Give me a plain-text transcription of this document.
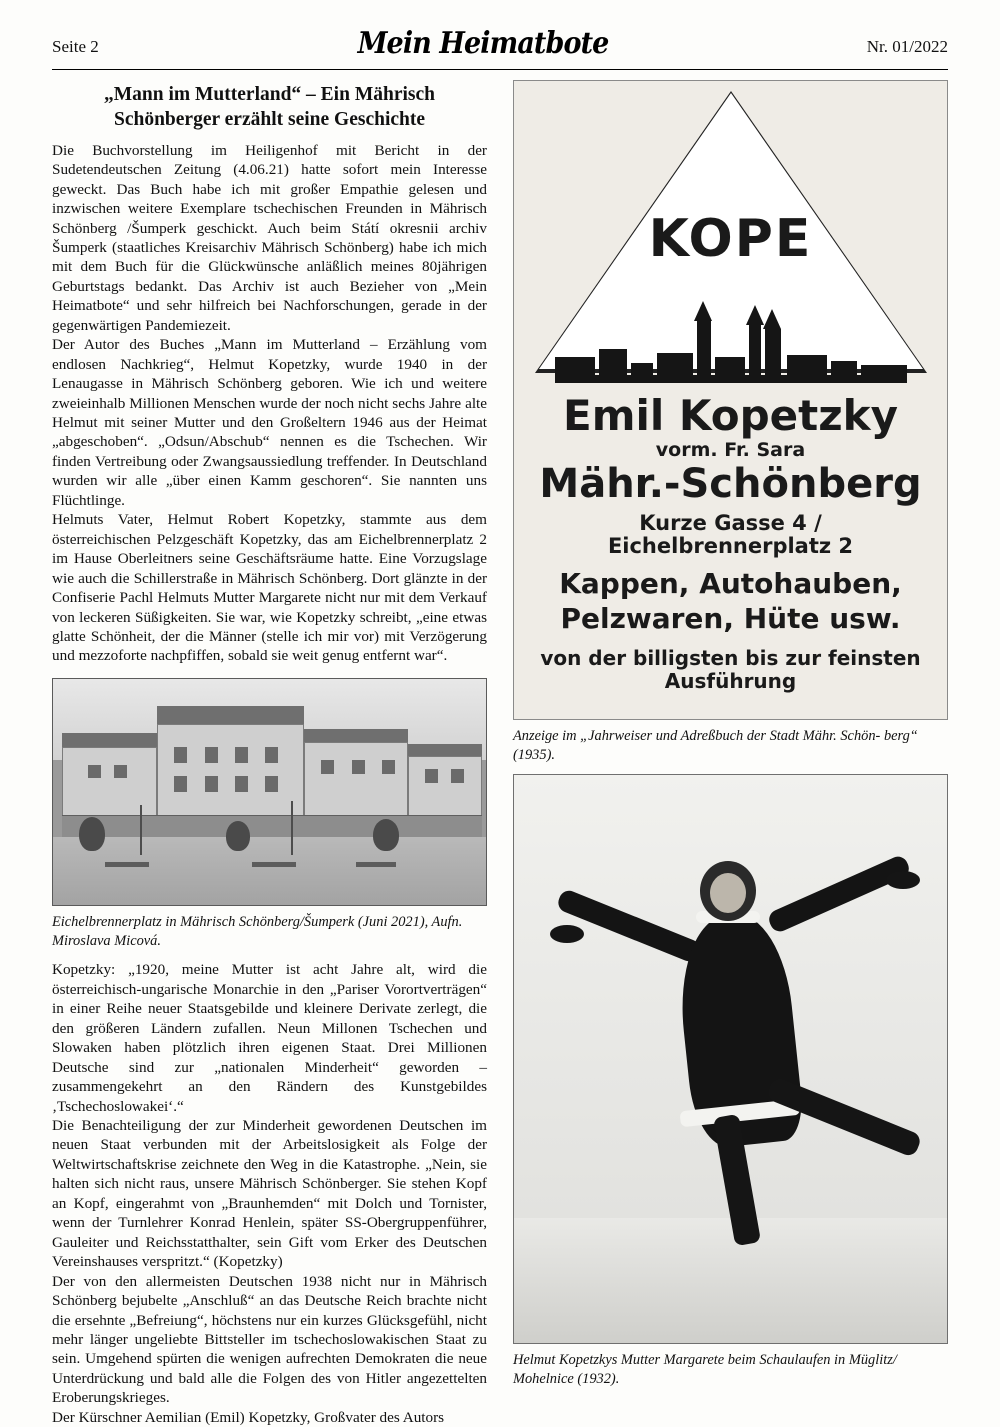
Seite 2	Mein Heimatbote	Nr. 01/2022
„Mann im Mutterland“ – Ein Mährisch
Schönberger erzählt seine Geschichte

Die Buchvorstellung im Heiligenhof mit Bericht in der Sudetendeutschen Zeitung (4.06.21) hatte sofort mein Interesse geweckt. Das Buch habe ich mit großer Empathie gelesen und inzwischen weitere Exemplare tschechischen Freunden in Mährisch Schönberg /Šumperk geschickt. Auch beim Státí okresnii archiv Šumperk (staatliches Kreisarchiv Mährisch Schönberg) habe ich mich mit dem Buch für die Glückwünsche anläßlich meines 80jährigen Geburtstags bedankt. Das Archiv ist auch Bezieher von „Mein Heimatbote“ und sehr hilfreich bei Nachforschungen, gerade in der gegenwärtigen Pandemiezeit.

Der Autor des Buches „Mann im Mutterland – Erzählung vom endlosen Nachkrieg“, Helmut Kopetzky, wurde 1940 in der Lenaugasse in Mährisch Schönberg geboren. Wie ich und weitere zweieinhalb Millionen Menschen wurde der noch nicht sechs Jahre alte Helmut mit seiner Mutter und den Großeltern 1946 aus der Heimat „abgeschoben“. „Odsun/Abschub“ nennen es die Tschechen. Wir finden Vertreibung oder Zwangsaussiedlung treffender. In Deutschland wurden wir alle „über einen Kamm geschoren“. Sie nannten uns Flüchtlinge.

Helmuts Vater, Helmut Robert Kopetzky, stammte aus dem österreichischen Pelzgeschäft Kopetzky, das am Eichelbrennerplatz 2 im Hause Oberleitners seine Geschäftsräume hatte. Eine Vorzugslage wie auch die Schillerstraße in Mährisch Schönberg. Dort glänzte in der Confiserie Pachl Helmuts Mutter Margarete nicht nur mit dem Verkauf von leckeren Süßigkeiten. Sie war, wie Kopetzky schreibt, „eine etwas glatte Schönheit, der die Männer (stelle ich mir vor) mit Verzögerung und mezzoforte nachpfiffen, sobald sie weit genug entfernt war“.

Eichelbrennerplatz in Mährisch Schönberg/Šumperk (Juni 2021), Aufn. Miroslava Micová.

Kopetzky: „1920, meine Mutter ist acht Jahre alt, wird die österreichisch-ungarische Monarchie in den „Pariser Vorortverträgen“ in einer Reihe neuer Staatsgebilde und kleinere Derivate zerlegt, die den größeren Ländern zufallen. Neun Millonen Tschechen und Slowaken haben plötzlich ihren eigenen Staat. Drei Millionen Deutsche sind zur „nationalen Minderheit“ geworden – zusammengekehrt an den Rändern des Kunstgebildes ‚Tschechoslowakei‘.“

Die Benachteiligung der zur Minderheit gewordenen Deutschen im neuen Staat verbunden mit der Arbeitslosigkeit als Folge der Weltwirtschaftskrise zeichnete den Weg in die Katastrophe. „Nein, sie halten sich nicht raus, unsere Mährisch Schönberger. Sie stehen Kopf an Kopf, eingerahmt von „Braunhemden“ mit Dolch und Tornister, wenn der Turnlehrer Konrad Henlein, später SS-Obergruppenführer, Gauleiter und Reichsstatthalter, sein Gift vom Erker des Deutschen Vereinshauses verspritzt.“ (Kopetzky)

Der von den allermeisten Deutschen 1938 nicht nur in Mährisch Schönberg bejubelte „Anschluß“ an das Deutsche Reich brachte nicht die ersehnte „Befreiung“, höchstens nur ein kurzes Glücksgefühl, nicht mehr länger ungeliebte Bittsteller im tschechoslowakischen Staat zu sein. Umgehend spürten die wenigen aufrechten Demokraten die neue Unterdrückung und bald alle die Folgen des von Hitler angezettelten Eroberungskrieges.

Der Kürschner Aemilian (Emil) Kopetzky, Großvater des Autors

KOPE
Emil Kopetzky
vorm. Fr. Sara
Mähr.-Schönberg
Kurze Gasse 4 / Eichelbrennerplatz 2
Kappen, Autohauben,
Pelzwaren, Hüte usw.
von der billigsten bis zur feinsten
Ausführung
Anzeige im „Jahrweiser und Adreßbuch der Stadt Mähr. Schön- berg“ (1935).
Helmut Kopetzkys Mutter Margarete beim Schaulaufen in Müglitz/ Mohelnice (1932).
